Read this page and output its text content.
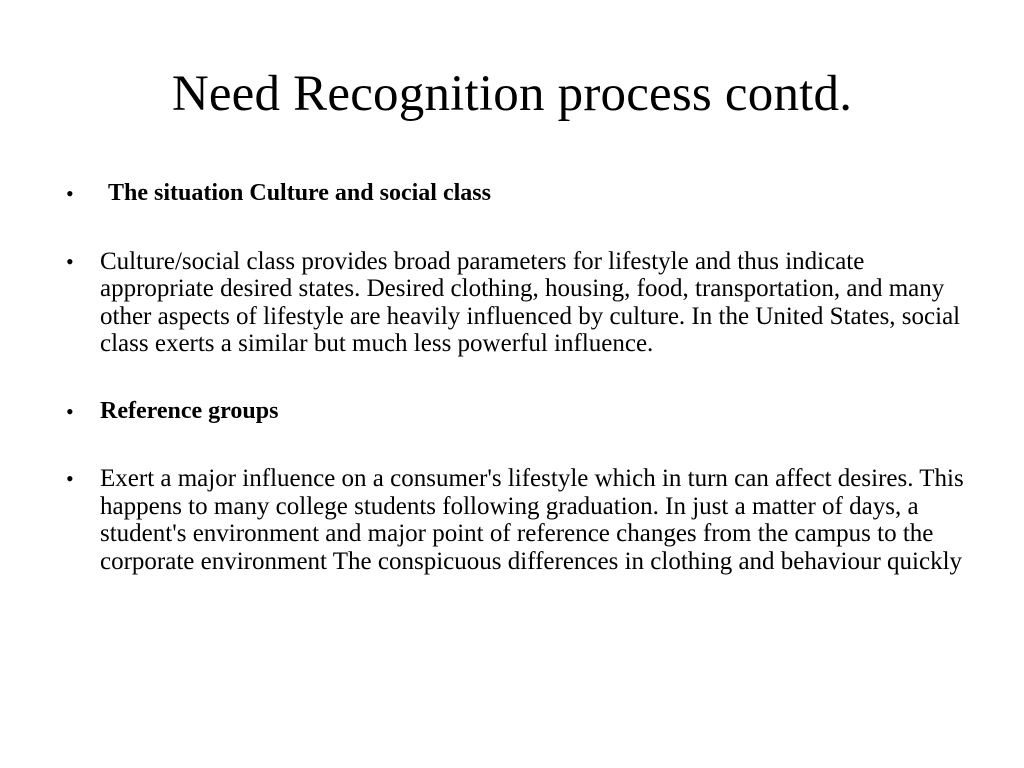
Need Recognition process contd.
•	The situation Culture and social class
•	Culture/social class provides broad parameters for lifestyle and thus indicate appropriate desired states. Desired clothing, housing, food, transportation, and many other aspects of lifestyle are heavily influenced by culture. In the United States, social class exerts a similar but much less powerful influence.
•	Reference groups
•	Exert a major influence on a consumer's lifestyle which in turn can affect desires. This happens to many college students following graduation. In just a matter of days, a student's environment and major point of reference changes from the campus to the corporate environment The conspicuous differences in clothing and behaviour quickly
